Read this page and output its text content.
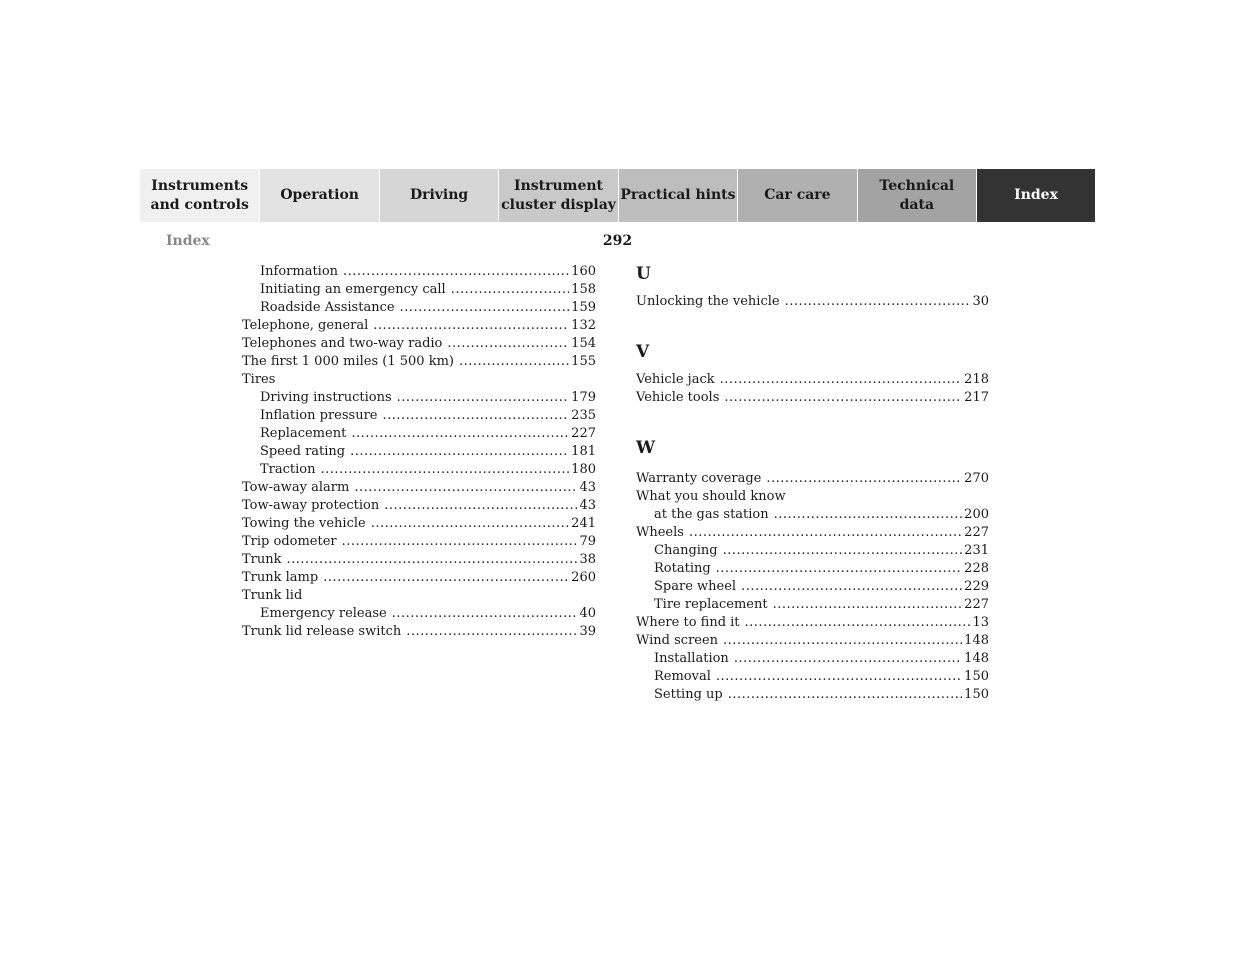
Instruments
and controls
Operation	Driving
Instrument
cluster display
Practical hints	Car care
Technical
data
Index
Index	292
Information .....	160
Initiating an emergency call .....	158
Roadside Assistance .....	159
Telephone, general .....	132
Telephones and two-way radio .....	154
The first 1 000 miles (1 500 km) .....	155
Tires
Driving instructions .....	179
Inflation pressure .....	235
Replacement .....	227
Speed rating .....	181
Traction .....	180
Tow-away alarm .....	43
Tow-away protection .....	43
Towing the vehicle .....	241
Trip odometer .....	79
Trunk .....	38
Trunk lamp .....	260
Trunk lid
Emergency release .....	40
Trunk lid release switch .....	39
U
Unlocking the vehicle .....	30
V
Vehicle jack .....	218
Vehicle tools .....	217
W
Warranty coverage .....	270
What you should know
at the gas station .....	200
Wheels .....	227
Changing .....	231
Rotating .....	228
Spare wheel .....	229
Tire replacement .....	227
Where to find it .....	13
Wind screen .....	148
Installation .....	148
Removal .....	150
Setting up .....	150
